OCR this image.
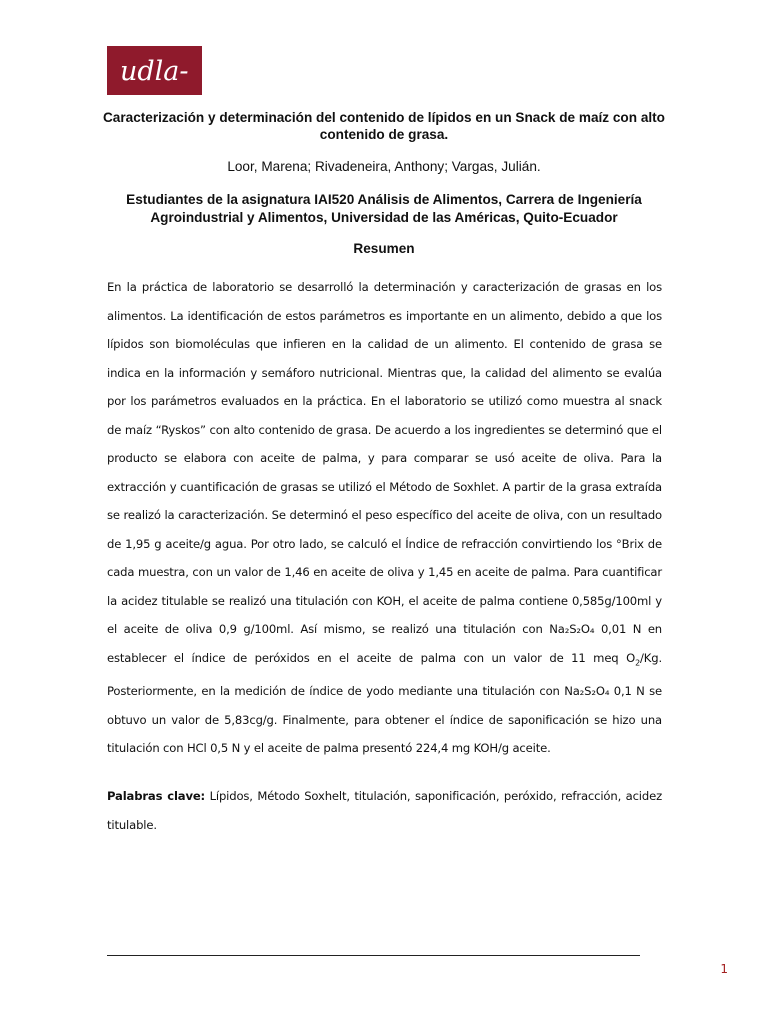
udla-
Caracterización y determinación del contenido de lípidos en un Snack de maíz con alto contenido de grasa.
Loor, Marena; Rivadeneira, Anthony; Vargas, Julián.
Estudiantes de la asignatura IAI520 Análisis de Alimentos, Carrera de Ingeniería Agroindustrial y Alimentos, Universidad de las Américas, Quito-Ecuador
Resumen

En la práctica de laboratorio se desarrolló la determinación y caracterización de grasas en los alimentos. La identificación de estos parámetros es importante en un alimento, debido a que los lípidos son biomoléculas que infieren en la calidad de un alimento. El contenido de grasa se indica en la información y semáforo nutricional. Mientras que, la calidad del alimento se evalúa por los parámetros evaluados en la práctica. En el laboratorio se utilizó como muestra al snack de maíz “Ryskos” con alto contenido de grasa. De acuerdo a los ingredientes se determinó que el producto se elabora con aceite de palma, y para comparar se usó aceite de oliva. Para la extracción y cuantificación de grasas se utilizó el Método de Soxhlet. A partir de la grasa extraída se realizó la caracterización. Se determinó el peso específico del aceite de oliva, con un resultado de 1,95 g aceite/g agua. Por otro lado, se calculó el Índice de refracción convirtiendo los °Brix de cada muestra, con un valor de 1,46 en aceite de oliva y 1,45 en aceite de palma. Para cuantificar la acidez titulable se realizó una titulación con KOH, el aceite de palma contiene 0,585g/100ml y el aceite de oliva 0,9 g/100ml. Así mismo, se realizó una titulación con Na₂S₂O₄ 0,01 N en establecer el índice de peróxidos en el aceite de palma con un valor de 11 meq $O_2/Kg$. Posteriormente, en la medición de índice de yodo mediante una titulación con Na₂S₂O₄ 0,1 N se obtuvo un valor de 5,83cg/g. Finalmente, para obtener el índice de saponificación se hizo una titulación con HCl 0,5 N y el aceite de palma presentó 224,4 mg KOH/g aceite.

Palabras clave: Lípidos, Método Soxhelt, titulación, saponificación, peróxido, refracción, acidez titulable.

1
